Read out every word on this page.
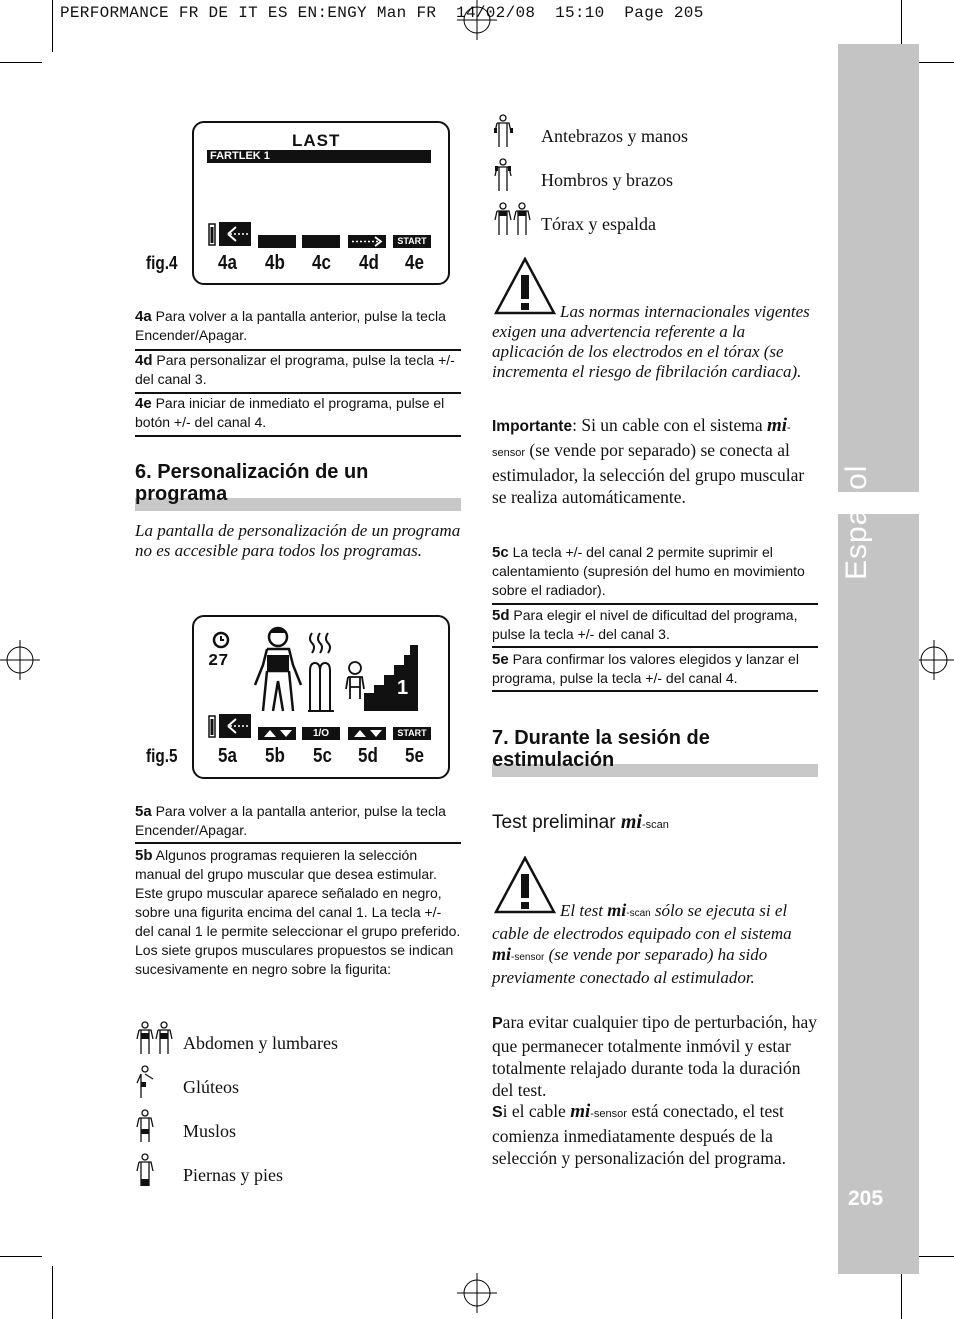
PERFORMANCE FR DE IT ES EN:ENGY Man FR  14/02/08  15:10  Page 205
Español
205
LAST
FARTLEK 1
START
fig.4 4a 4b 4c 4d 4e
4a Para volver a la pantalla anterior, pulse la tecla Encender/Apagar.
4d Para personalizar el programa, pulse la tecla +/- del canal 3.
4e Para iniciar de inmediato el programa, pulse el botón +/- del canal 4.
6. Personalización de un programa
La pantalla de personalización de un programa no es accesible para todos los programas.
27
1
1/O	START
fig.5 5a 5b 5c 5d 5e
5a Para volver a la pantalla anterior, pulse la tecla Encender/Apagar.
5b Algunos programas requieren la selección manual del grupo muscular que desea estimular. Este grupo muscular aparece señalado en negro, sobre una figurita encima del canal 1. La tecla +/- del canal 1 le permite seleccionar el grupo preferido. Los siete grupos musculares propuestos se indican sucesivamente en negro sobre la figurita:
Abdomen y lumbares
Glúteos
Muslos
Piernas y pies
Antebrazos y manos
Hombros y brazos
Tórax y espalda
Las normas internacionales vigentes exigen una advertencia referente a la aplicación de los electrodos en el tórax (se incrementa el riesgo de fibrilación cardiaca).
Importante: Si un cable con el sistema mi-sensor (se vende por separado) se conecta al estimulador, la selección del grupo muscular se realiza automáticamente.
5c La tecla +/- del canal 2 permite suprimir el calentamiento (supresión del humo en movimiento sobre el radiador).
5d Para elegir el nivel de dificultad del programa, pulse la tecla +/- del canal 3.
5e Para confirmar los valores elegidos y lanzar el programa, pulse la tecla +/- del canal 4.
7. Durante la sesión de estimulación
Test preliminar mi-scan
El test mi-scan sólo se ejecuta si el cable de electrodos equipado con el sistema mi-sensor (se vende por separado) ha sido previamente conectado al estimulador.
Para evitar cualquier tipo de perturbación, hay que permanecer totalmente inmóvil y estar totalmente relajado durante toda la duración del test.
Si el cable mi-sensor está conectado, el test comienza inmediatamente después de la selección y personalización del programa.
